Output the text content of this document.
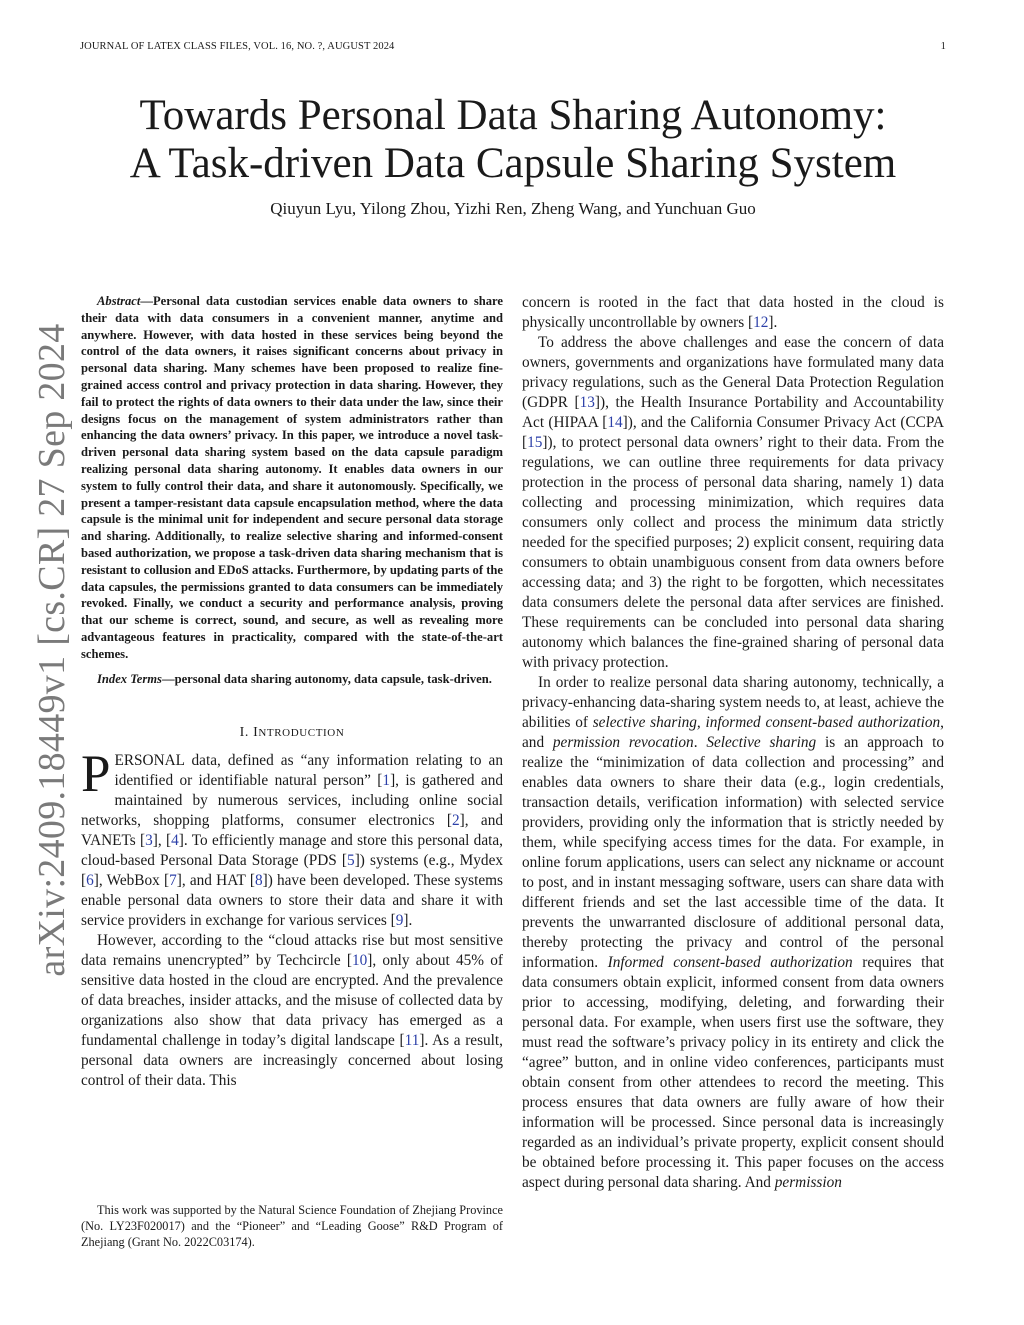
JOURNAL OF LATEX CLASS FILES, VOL. 16, NO. ?, AUGUST 2024	1
arXiv:2409.18449v1 [cs.CR] 27 Sep 2024
Towards Personal Data Sharing Autonomy:
A Task-driven Data Capsule Sharing System
Qiuyun Lyu, Yilong Zhou, Yizhi Ren, Zheng Wang, and Yunchuan Guo

Abstract—Personal data custodian services enable data owners to share their data with data consumers in a convenient manner, anytime and anywhere. However, with data hosted in these services being beyond the control of the data owners, it raises significant concerns about privacy in personal data sharing. Many schemes have been proposed to realize fine-grained access control and privacy protection in data sharing. However, they fail to protect the rights of data owners to their data under the law, since their designs focus on the management of system administrators rather than enhancing the data owners’ privacy. In this paper, we introduce a novel task-driven personal data sharing system based on the data capsule paradigm realizing personal data sharing autonomy. It enables data owners in our system to fully control their data, and share it autonomously. Specifically, we present a tamper-resistant data capsule encapsulation method, where the data capsule is the minimal unit for independent and secure personal data storage and sharing. Additionally, to realize selective sharing and informed-consent based authorization, we propose a task-driven data sharing mechanism that is resistant to collusion and EDoS attacks. Furthermore, by updating parts of the data capsules, the permissions granted to data consumers can be immediately revoked. Finally, we conduct a security and performance analysis, proving that our scheme is correct, sound, and secure, as well as revealing more advantageous features in practicality, compared with the state-of-the-art schemes.

Index Terms—personal data sharing autonomy, data capsule, task-driven.

I. INTRODUCTION

PERSONAL data, defined as “any information relating to an identified or identifiable natural person” [1], is gathered and maintained by numerous services, including online social networks, shopping platforms, consumer electronics [2], and VANETs [3], [4]. To efficiently manage and store this personal data, cloud-based Personal Data Storage (PDS [5]) systems (e.g., Mydex [6], WebBox [7], and HAT [8]) have been developed. These systems enable personal data owners to store their data and share it with service providers in exchange for various services [9].

However, according to the “cloud attacks rise but most sensitive data remains unencrypted” by Techcircle [10], only about 45% of sensitive data hosted in the cloud are encrypted. And the prevalence of data breaches, insider attacks, and the misuse of collected data by organizations also show that data privacy has emerged as a fundamental challenge in today’s digital landscape [11]. As a result, personal data owners are increasingly concerned about losing control of their data. This

This work was supported by the Natural Science Foundation of Zhejiang Province (No. LY23F020017) and the “Pioneer” and “Leading Goose” R&D Program of Zhejiang (Grant No. 2022C03174).

concern is rooted in the fact that data hosted in the cloud is physically uncontrollable by owners [12].

To address the above challenges and ease the concern of data owners, governments and organizations have formulated many data privacy regulations, such as the General Data Protection Regulation (GDPR [13]), the Health Insurance Portability and Accountability Act (HIPAA [14]), and the California Consumer Privacy Act (CCPA [15]), to protect personal data owners’ right to their data. From the regulations, we can outline three requirements for data privacy protection in the process of personal data sharing, namely 1) data collecting and processing minimization, which requires data consumers only collect and process the minimum data strictly needed for the specified purposes; 2) explicit consent, requiring data consumers to obtain unambiguous consent from data owners before accessing data; and 3) the right to be forgotten, which necessitates data consumers delete the personal data after services are finished. These requirements can be concluded into personal data sharing autonomy which balances the fine-grained sharing of personal data with privacy protection.

In order to realize personal data sharing autonomy, technically, a privacy-enhancing data-sharing system needs to, at least, achieve the abilities of selective sharing, informed consent-based authorization, and permission revocation. Selective sharing is an approach to realize the “minimization of data collection and processing” and enables data owners to share their data (e.g., login credentials, transaction details, verification information) with selected service providers, providing only the information that is strictly needed by them, while specifying access times for the data. For example, in online forum applications, users can select any nickname or account to post, and in instant messaging software, users can share data with different friends and set the last accessible time of the data. It prevents the unwarranted disclosure of additional personal data, thereby protecting the privacy and control of the personal information. Informed consent-based authorization requires that data consumers obtain explicit, informed consent from data owners prior to accessing, modifying, deleting, and forwarding their personal data. For example, when users first use the software, they must read the software’s privacy policy in its entirety and click the “agree” button, and in online video conferences, participants must obtain consent from other attendees to record the meeting. This process ensures that data owners are fully aware of how their information will be processed. Since personal data is increasingly regarded as an individual’s private property, explicit consent should be obtained before processing it. This paper focuses on the access aspect during personal data sharing. And permission
